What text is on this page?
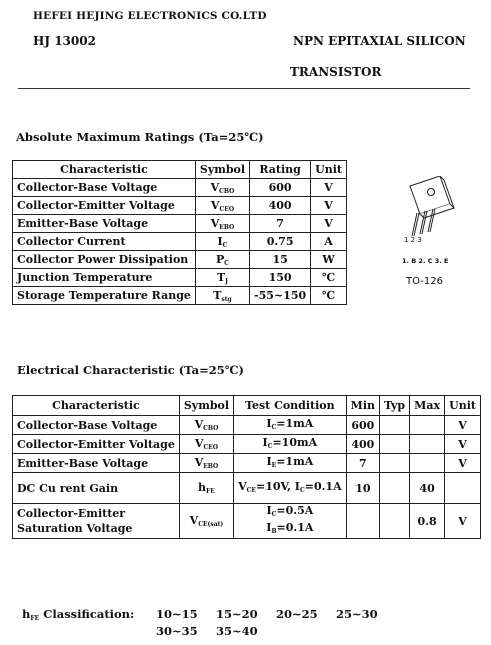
HEFEI HEJING ELECTRONICS CO.LTD
HJ 13002	NPN EPITAXIAL SILICON
TRANSISTOR
Absolute Maximum Ratings (Ta=25℃)
Characteristic	Symbol	Rating	Unit
Collector-Base Voltage	$V_{CBO}$	600	V
Collector-Emitter Voltage	$V_{CEO}$	400	V
Emitter-Base Voltage	$V_{EBO}$	7	V
Collector Current	$I_C$	0.75	A
Collector Power Dissipation	$P_C$	15	W
Junction Temperature	$T_J$	150	℃
Storage Temperature Range	$T_{stg}$	-55~150	℃
1 2 3
1. B 2. C 3. E
TO-126
Electrical Characteristic (Ta=25℃)
Characteristic	Symbol	Test Condition	Min	Typ	Max	Unit
Collector-Base Voltage	$V_{CBO}$	$I_C=1mA$	600			V
Collector-Emitter Voltage	$V_{CEO}$	$I_C=10mA$	400			V
Emitter-Base Voltage	$V_{EBO}$	$I_E=1mA$	7			V
DC Cu rent Gain	$h_{FE}$	$V_{CE}=10V$, $I_C=0.1A$	10		40	
Collector-Emitter Saturation Voltage	$V_{CE(sat)}$	$I_C=0.5A$
$I_B=0.1A$			0.8	V
$h_{FE}$ Classification: 10~15 15~20 20~25 25~30
30~35 35~40
